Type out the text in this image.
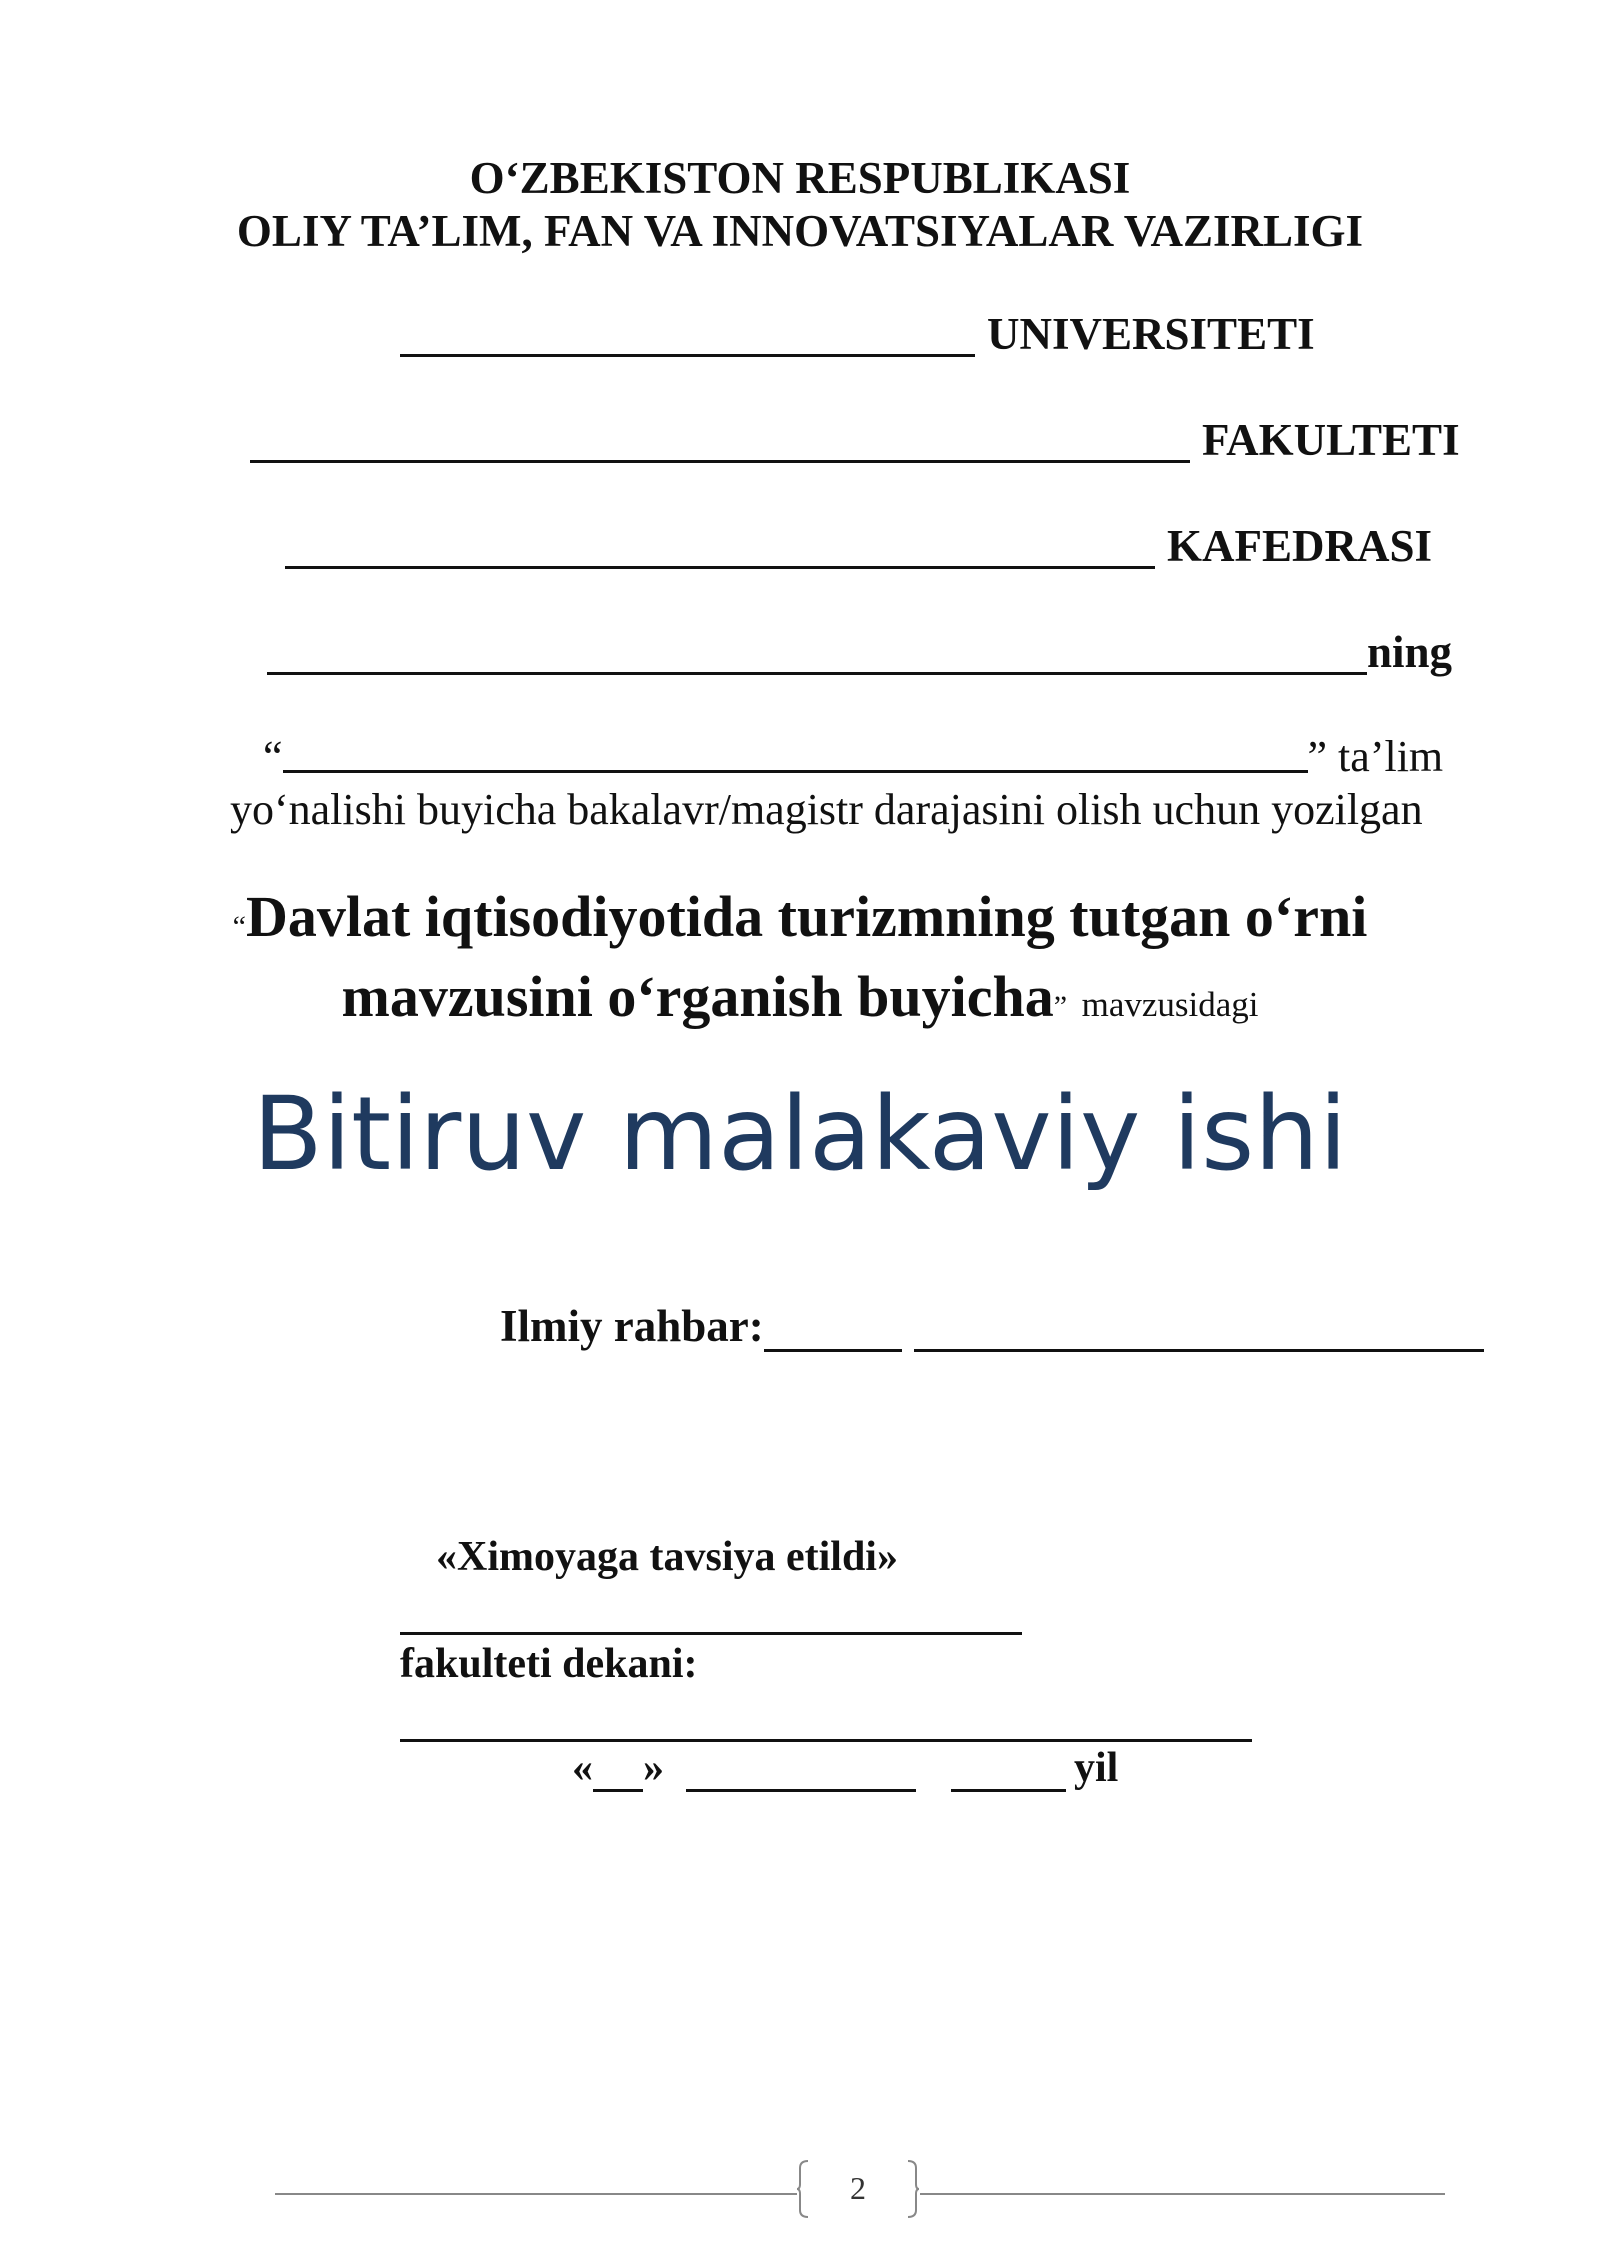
O‘ZBEKISTON RESPUBLIKASI
OLIY TA’LIM, FAN VA INNOVATSIYALAR VAZIRLIGI
UNIVERSITETI
FAKULTETI
KAFEDRASI
ning
“	” ta’lim
yo‘nalishi buyicha bakalavr/magistr darajasini olish uchun yozilgan
“Davlat iqtisodiyotida turizmning tutgan o‘rni
mavzusini o‘rganish buyicha” mavzusidagi
Bitiruv malakaviy ishi
Ilmiy rahbar:
«Ximoyaga tavsiya etildi»
fakulteti dekani:
« »	yil
2
